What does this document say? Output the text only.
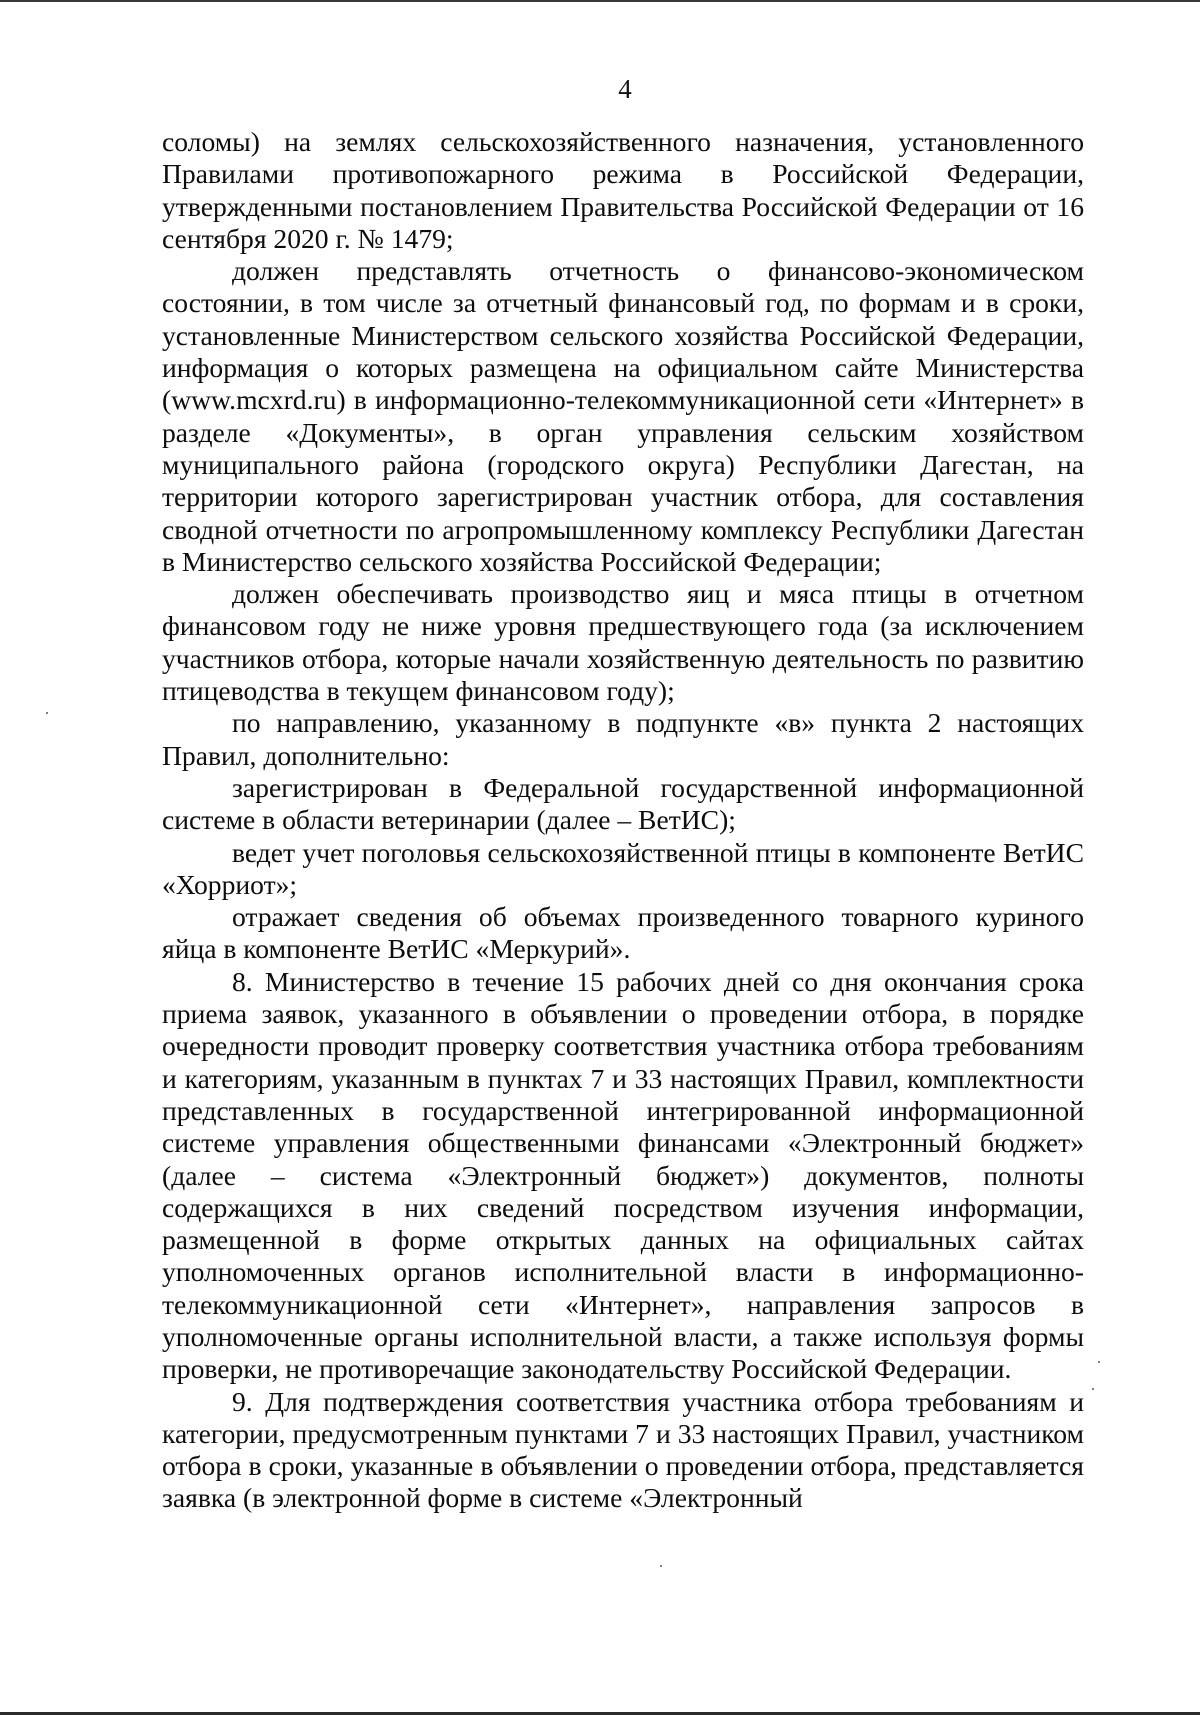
4

соломы) на землях сельскохозяйственного назначения, установленного Правилами противопожарного режима в Российской Федерации, утвержденными постановлением Правительства Российской Федерации от 16 сентября 2020 г. № 1479;

должен представлять отчетность о финансово-экономическом состоянии, в том числе за отчетный финансовый год, по формам и в сроки, установленные Министерством сельского хозяйства Российской Федерации, информация о которых размещена на официальном сайте Министерства (www.mcxrd.ru) в информационно-телекоммуникационной сети «Интернет» в разделе «Документы», в орган управления сельским хозяйством муниципального района (городского округа) Республики Дагестан, на территории которого зарегистрирован участник отбора, для составления сводной отчетности по агропромышленному комплексу Республики Дагестан в Министерство сельского хозяйства Российской Федерации;

должен обеспечивать производство яиц и мяса птицы в отчетном финансовом году не ниже уровня предшествующего года (за исключением участников отбора, которые начали хозяйственную деятельность по развитию птицеводства в текущем финансовом году);

по направлению, указанному в подпункте «в» пункта 2 настоящих Правил, дополнительно:

зарегистрирован в Федеральной государственной информационной системе в области ветеринарии (далее – ВетИС);

ведет учет поголовья сельскохозяйственной птицы в компоненте ВетИС «Хорриот»;

отражает сведения об объемах произведенного товарного куриного яйца в компоненте ВетИС «Меркурий».

8. Министерство в течение 15 рабочих дней со дня окончания срока приема заявок, указанного в объявлении о проведении отбора, в порядке очередности проводит проверку соответствия участника отбора требованиям и категориям, указанным в пунктах 7 и 33 настоящих Правил, комплектности представленных в государственной интегрированной информационной системе управления общественными финансами «Электронный бюджет» (далее – система «Электронный бюджет») документов, полноты содержащихся в них сведений посредством изучения информации, размещенной в форме открытых данных на официальных сайтах уполномоченных органов исполнительной власти в информационно-телекоммуникационной сети «Интернет», направления запросов в уполномоченные органы исполнительной власти, а также используя формы проверки, не противоречащие законодательству Российской Федерации.

9. Для подтверждения соответствия участника отбора требованиям и категории, предусмотренным пунктами 7 и 33 настоящих Правил, участником отбора в сроки, указанные в объявлении о проведении отбора, представляется заявка (в электронной форме в системе «Электронный
